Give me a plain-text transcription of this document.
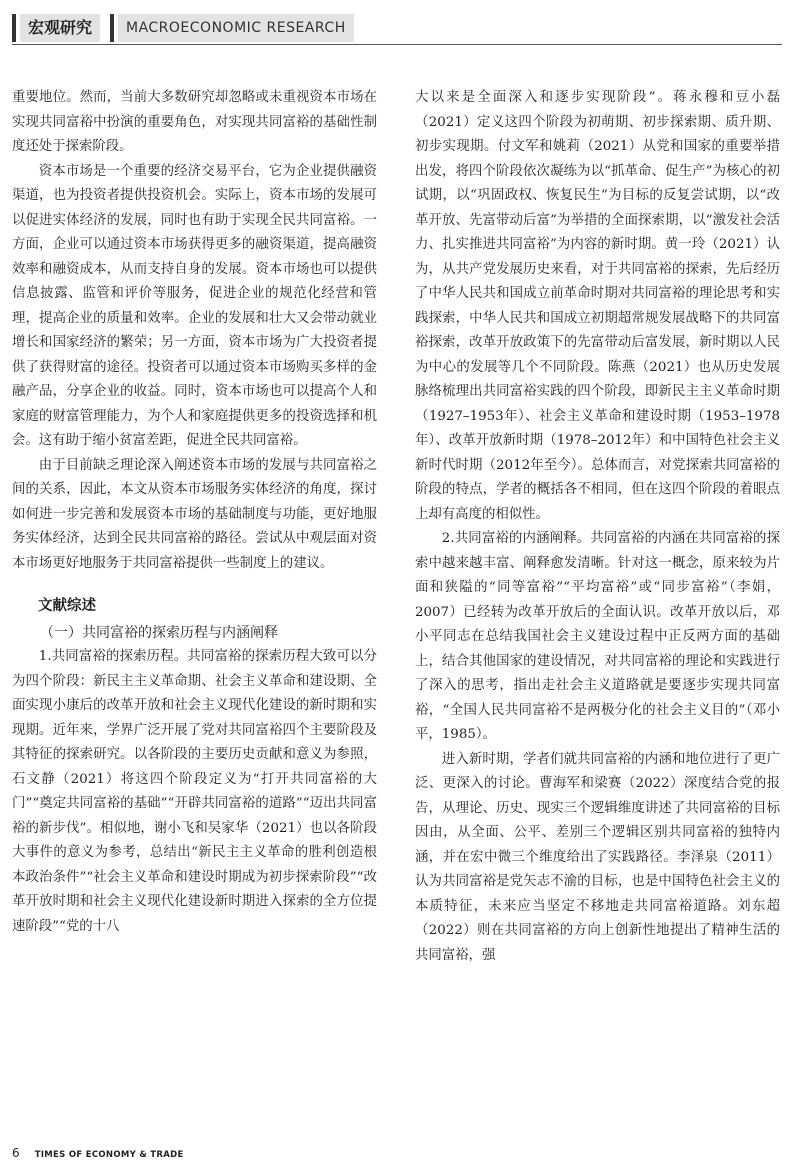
宏观研究	MACROECONOMIC RESEARCH

重要地位。然而，当前大多数研究却忽略或未重视资本市场在实现共同富裕中扮演的重要角色，对实现共同富裕的基础性制度还处于探索阶段。

资本市场是一个重要的经济交易平台，它为企业提供融资渠道，也为投资者提供投资机会。实际上，资本市场的发展可以促进实体经济的发展，同时也有助于实现全民共同富裕。一方面，企业可以通过资本市场获得更多的融资渠道，提高融资效率和融资成本，从而支持自身的发展。资本市场也可以提供信息披露、监管和评价等服务，促进企业的规范化经营和管理，提高企业的质量和效率。企业的发展和壮大又会带动就业增长和国家经济的繁荣；另一方面，资本市场为广大投资者提供了获得财富的途径。投资者可以通过资本市场购买多样的金融产品，分享企业的收益。同时，资本市场也可以提高个人和家庭的财富管理能力，为个人和家庭提供更多的投资选择和机会。这有助于缩小贫富差距，促进全民共同富裕。

由于目前缺乏理论深入阐述资本市场的发展与共同富裕之间的关系，因此，本文从资本市场服务实体经济的角度，探讨如何进一步完善和发展资本市场的基础制度与功能，更好地服务实体经济，达到全民共同富裕的路径。尝试从中观层面对资本市场更好地服务于共同富裕提供一些制度上的建议。

文献综述
（一）共同富裕的探索历程与内涵阐释

1.共同富裕的探索历程。共同富裕的探索历程大致可以分为四个阶段：新民主主义革命期、社会主义革命和建设期、全面实现小康后的改革开放和社会主义现代化建设的新时期和实现期。近年来，学界广泛开展了党对共同富裕四个主要阶段及其特征的探索研究。以各阶段的主要历史贡献和意义为参照，石文静（2021）将这四个阶段定义为“打开共同富裕的大门”“奠定共同富裕的基础”“开辟共同富裕的道路”“迈出共同富裕的新步伐”。相似地，谢小飞和吴家华（2021）也以各阶段大事件的意义为参考，总结出“新民主主义革命的胜利创造根本政治条件”“社会主义革命和建设时期成为初步探索阶段”“改革开放时期和社会主义现代化建设新时期进入探索的全方位提速阶段”“党的十八

大以来是全面深入和逐步实现阶段”。蒋永穆和豆小磊（2021）定义这四个阶段为初萌期、初步探索期、质升期、初步实现期。付文军和姚莉（2021）从党和国家的重要举措出发，将四个阶段依次凝练为以“抓革命、促生产”为核心的初试期，以“巩固政权、恢复民生”为目标的反复尝试期，以“改革开放、先富带动后富”为举措的全面探索期，以“激发社会活力、扎实推进共同富裕”为内容的新时期。黄一玲（2021）认为，从共产党发展历史来看，对于共同富裕的探索，先后经历了中华人民共和国成立前革命时期对共同富裕的理论思考和实践探索，中华人民共和国成立初期超常规发展战略下的共同富裕探索，改革开放政策下的先富带动后富发展，新时期以人民为中心的发展等几个不同阶段。陈燕（2021）也从历史发展脉络梳理出共同富裕实践的四个阶段，即新民主主义革命时期（1927–1953年）、社会主义革命和建设时期（1953–1978年）、改革开放新时期（1978–2012年）和中国特色社会主义新时代时期（2012年至今）。总体而言，对党探索共同富裕的阶段的特点，学者的概括各不相同，但在这四个阶段的着眼点上却有高度的相似性。

2.共同富裕的内涵阐释。共同富裕的内涵在共同富裕的探索中越来越丰富、阐释愈发清晰。针对这一概念，原来较为片面和狭隘的“同等富裕”“平均富裕”或“同步富裕”（李娟，2007）已经转为改革开放后的全面认识。改革开放以后，邓小平同志在总结我国社会主义建设过程中正反两方面的基础上，结合其他国家的建设情况，对共同富裕的理论和实践进行了深入的思考，指出走社会主义道路就是要逐步实现共同富裕，“全国人民共同富裕不是两极分化的社会主义目的”（邓小平，1985）。

进入新时期，学者们就共同富裕的内涵和地位进行了更广泛、更深入的讨论。曹海军和梁赛（2022）深度结合党的报告，从理论、历史、现实三个逻辑维度讲述了共同富裕的目标因由，从全面、公平、差别三个逻辑区别共同富裕的独特内涵，并在宏中微三个维度给出了实践路径。李泽泉（2011）认为共同富裕是党矢志不渝的目标，也是中国特色社会主义的本质特征，未来应当坚定不移地走共同富裕道路。刘东超（2022）则在共同富裕的方向上创新性地提出了精神生活的共同富裕，强

6 TIMES OF ECONOMY & TRADE
